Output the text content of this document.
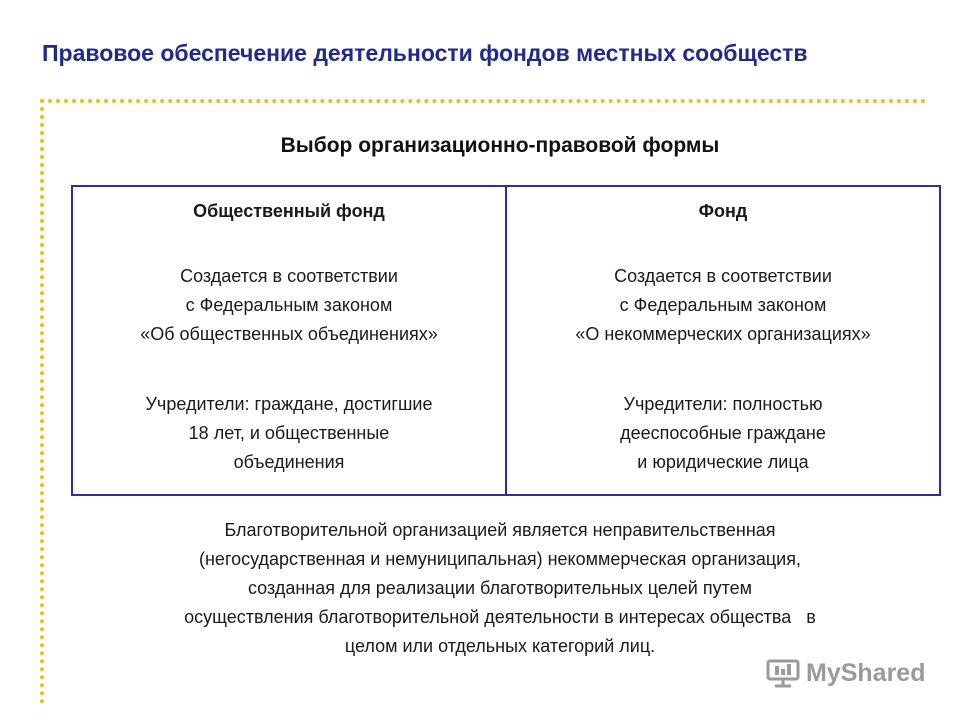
Правовое обеспечение деятельности фондов местных сообществ
Выбор организационно-правовой формы
Общественный фонд
Создается в соответствии
с Федеральным законом
«Об общественных объединениях»
Учредители: граждане, достигшие
18 лет, и общественные
объединения
Фонд
Создается в соответствии
с Федеральным законом
«О некоммерческих организациях»
Учредители: полностью
дееспособные граждане
и юридические лица
Благотворительной организацией является неправительственная
(негосударственная и немуниципальная) некоммерческая организация,
созданная для реализации благотворительных целей путем
осуществления благотворительной деятельности в интересах общества   в
целом или отдельных категорий лиц.
MyShared
